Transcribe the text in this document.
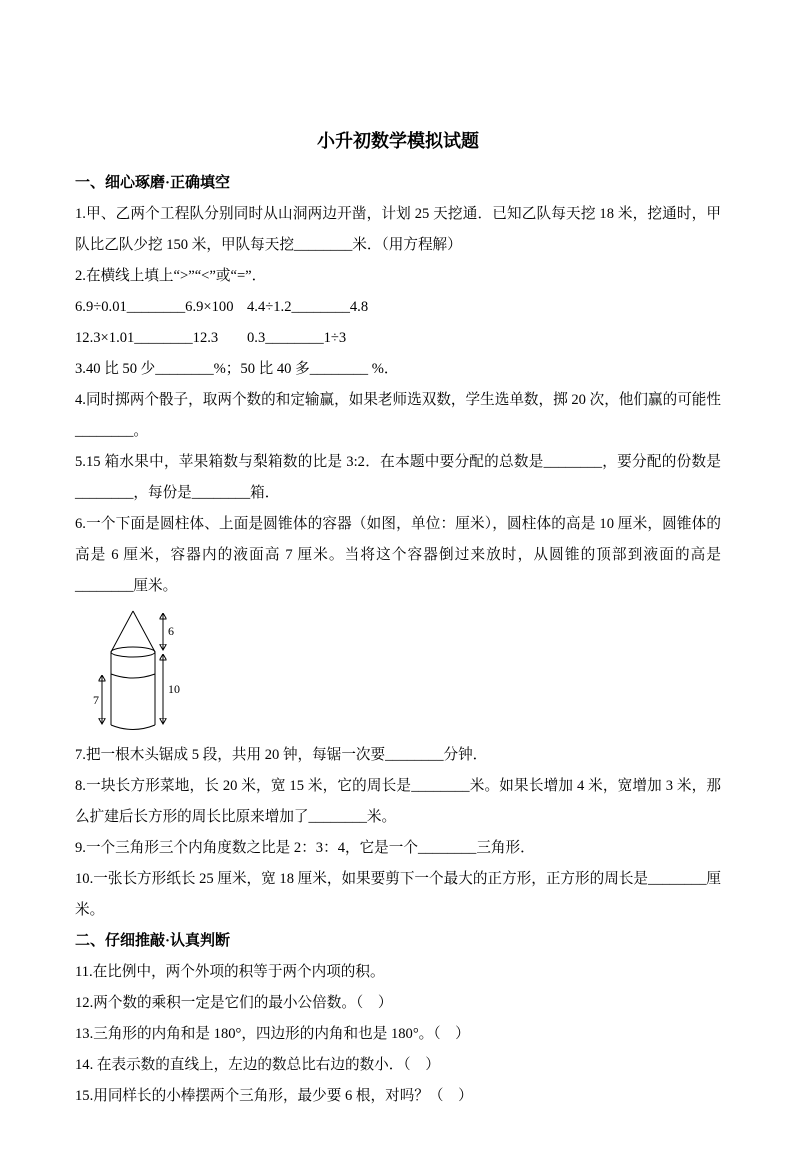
小升初数学模拟试题

一、细心琢磨·正确填空

1.甲、乙两个工程队分别同时从山洞两边开凿，计划 25 天挖通．已知乙队每天挖 18 米，挖通时，甲队比乙队少挖 150 米，甲队每天挖________米．（用方程解）

2.在横线上填上“>”“<”或“=”．

6.9÷0.01________6.9×100 4.4÷1.2________4.8

12.3×1.01________12.3 0.3________1÷3

3.40 比 50 少________%；50 比 40 多________ %．

4.同时掷两个骰子，取两个数的和定输赢，如果老师选双数，学生选单数，掷 20 次，他们赢的可能性________。

5.15 箱水果中，苹果箱数与梨箱数的比是 3:2．在本题中要分配的总数是________，要分配的份数是________，每份是________箱．

6.一个下面是圆柱体、上面是圆锥体的容器（如图，单位：厘米），圆柱体的高是 10 厘米，圆锥体的高是 6 厘米，容器内的液面高 7 厘米。当将这个容器倒过来放时，从圆锥的顶部到液面的高是________厘米。

6
10
7

7.把一根木头锯成 5 段，共用 20 钟，每锯一次要________分钟．

8.一块长方形菜地，长 20 米，宽 15 米，它的周长是________米。如果长增加 4 米，宽增加 3 米，那么扩建后长方形的周长比原来增加了________米。

9.一个三角形三个内角度数之比是 2：3：4，它是一个________三角形．

10.一张长方形纸长 25 厘米，宽 18 厘米，如果要剪下一个最大的正方形，正方形的周长是________厘米。

二、仔细推敲·认真判断

11.在比例中，两个外项的积等于两个内项的积。

12.两个数的乘积一定是它们的最小公倍数。（　）

13.三角形的内角和是 180°，四边形的内角和也是 180°。（　）

14. 在表示数的直线上，左边的数总比右边的数小．（　）

15.用同样长的小棒摆两个三角形，最少要 6 根，对吗？（　）
